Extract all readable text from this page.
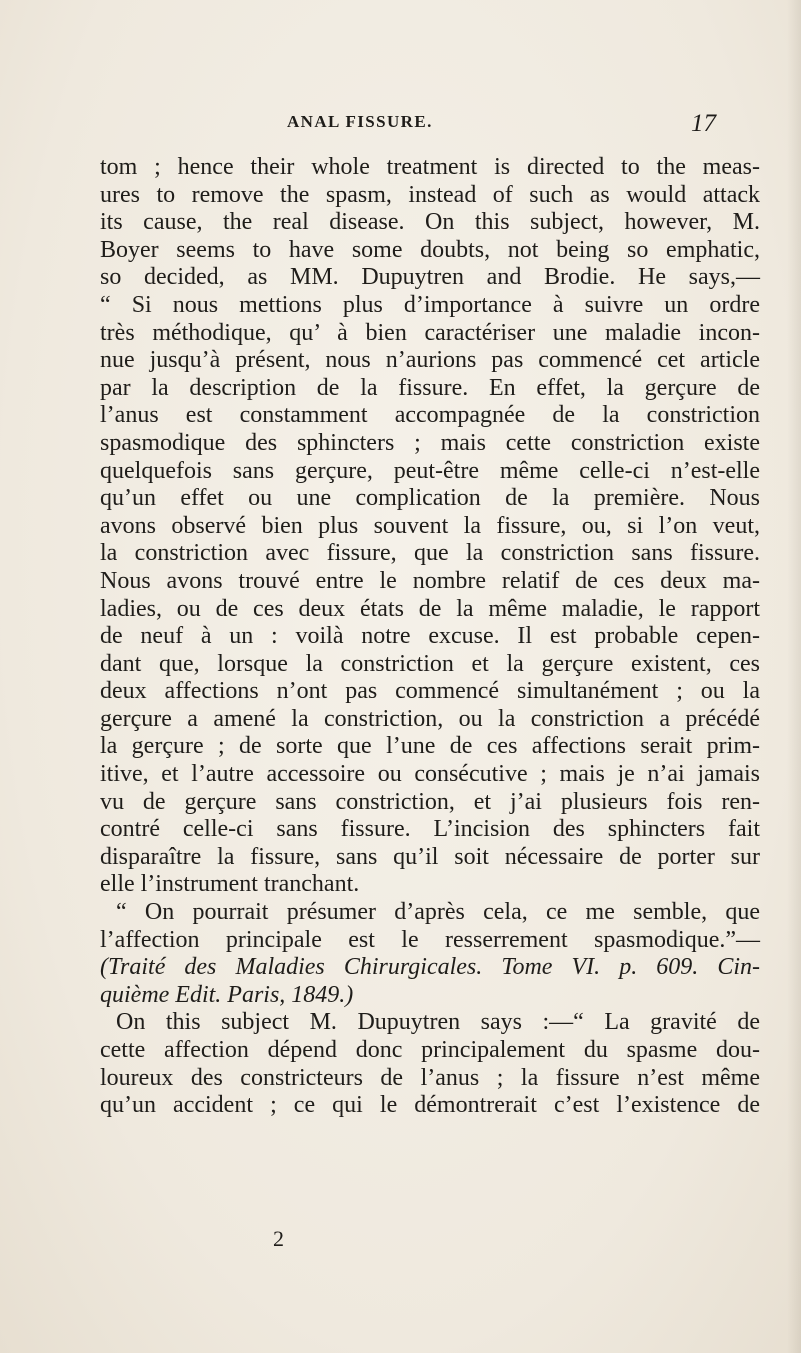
ANAL FISSURE.	17
tom ; hence their whole treatment is directed to the meas-
ures to remove the spasm, instead of such as would attack
its cause, the real disease. On this subject, however, M.
Boyer seems to have some doubts, not being so emphatic,
so decided, as MM. Dupuytren and Brodie. He says,—
“ Si nous mettions plus d’importance à suivre un ordre
très méthodique, qu’ à bien caractériser une maladie incon-
nue jusqu’à présent, nous n’aurions pas commencé cet article
par la description de la fissure. En effet, la gerçure de
l’anus est constamment accompagnée de la constriction
spasmodique des sphincters ; mais cette constriction existe
quelquefois sans gerçure, peut-être même celle-ci n’est-elle
qu’un effet ou une complication de la première. Nous
avons observé bien plus souvent la fissure, ou, si l’on veut,
la constriction avec fissure, que la constriction sans fissure.
Nous avons trouvé entre le nombre relatif de ces deux ma-
ladies, ou de ces deux états de la même maladie, le rapport
de neuf à un : voilà notre excuse. Il est probable cepen-
dant que, lorsque la constriction et la gerçure existent, ces
deux affections n’ont pas commencé simultanément ; ou la
gerçure a amené la constriction, ou la constriction a précédé
la gerçure ; de sorte que l’une de ces affections serait prim-
itive, et l’autre accessoire ou consécutive ; mais je n’ai jamais
vu de gerçure sans constriction, et j’ai plusieurs fois ren-
contré celle-ci sans fissure. L’incision des sphincters fait
disparaître la fissure, sans qu’il soit nécessaire de porter sur
elle l’instrument tranchant.
“ On pourrait présumer d’après cela, ce me semble, que
l’affection principale est le resserrement spasmodique.”—
(Traité des Maladies Chirurgicales. Tome VI. p. 609. Cin-
quième Edit. Paris, 1849.)
On this subject M. Dupuytren says :—“ La gravité de
cette affection dépend donc principalement du spasme dou-
loureux des constricteurs de l’anus ; la fissure n’est même
qu’un accident ; ce qui le démontrerait c’est l’existence de
2
